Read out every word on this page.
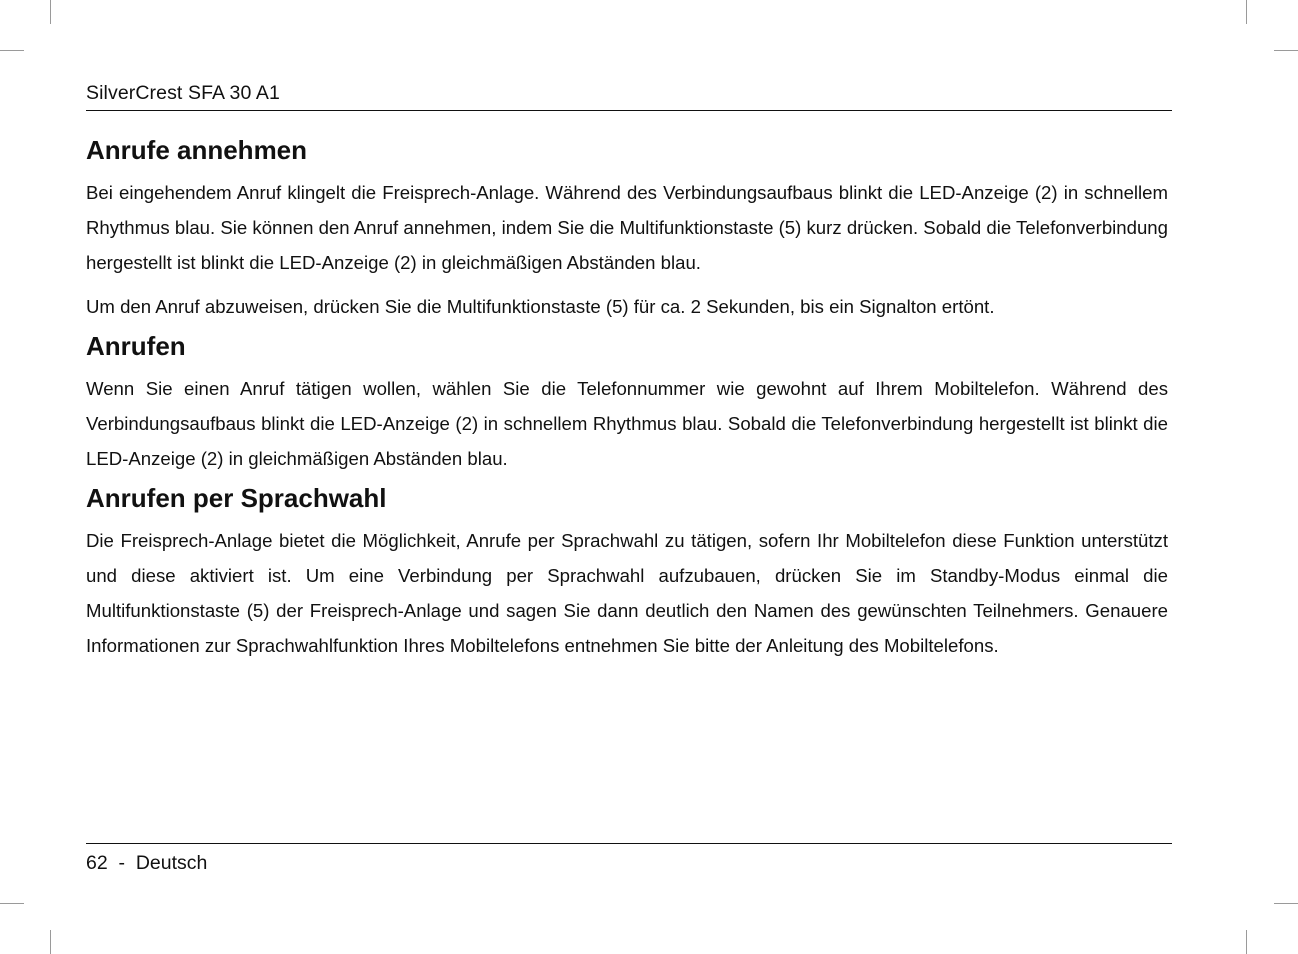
SilverCrest SFA 30 A1
Anrufe annehmen

Bei eingehendem Anruf klingelt die Freisprech-Anlage. Während des Verbindungsaufbaus blinkt die LED-Anzeige (2) in schnellem Rhythmus blau. Sie können den Anruf annehmen, indem Sie die Multifunktionstaste (5) kurz drücken. Sobald die Telefonverbindung hergestellt ist blinkt die LED-Anzeige (2) in gleichmäßigen Abständen blau.

Um den Anruf abzuweisen, drücken Sie die Multifunktionstaste (5) für ca. 2 Sekunden, bis ein Signalton ertönt.

Anrufen

Wenn Sie einen Anruf tätigen wollen, wählen Sie die Telefonnummer wie gewohnt auf Ihrem Mobiltelefon. Während des Verbindungsaufbaus blinkt die LED-Anzeige (2) in schnellem Rhythmus blau. Sobald die Telefonverbindung hergestellt ist blinkt die LED-Anzeige (2) in gleichmäßigen Abständen blau.

Anrufen per Sprachwahl

Die Freisprech-Anlage bietet die Möglichkeit, Anrufe per Sprachwahl zu tätigen, sofern Ihr Mobiltelefon diese Funktion unterstützt und diese aktiviert ist. Um eine Verbindung per Sprachwahl aufzubauen, drücken Sie im Standby-Modus einmal die Multifunktionstaste (5) der Freisprech-Anlage und sagen Sie dann deutlich den Namen des gewünschten Teilnehmers. Genauere Informationen zur Sprachwahlfunktion Ihres Mobiltelefons entnehmen Sie bitte der Anleitung des Mobiltelefons.

62  -  Deutsch
